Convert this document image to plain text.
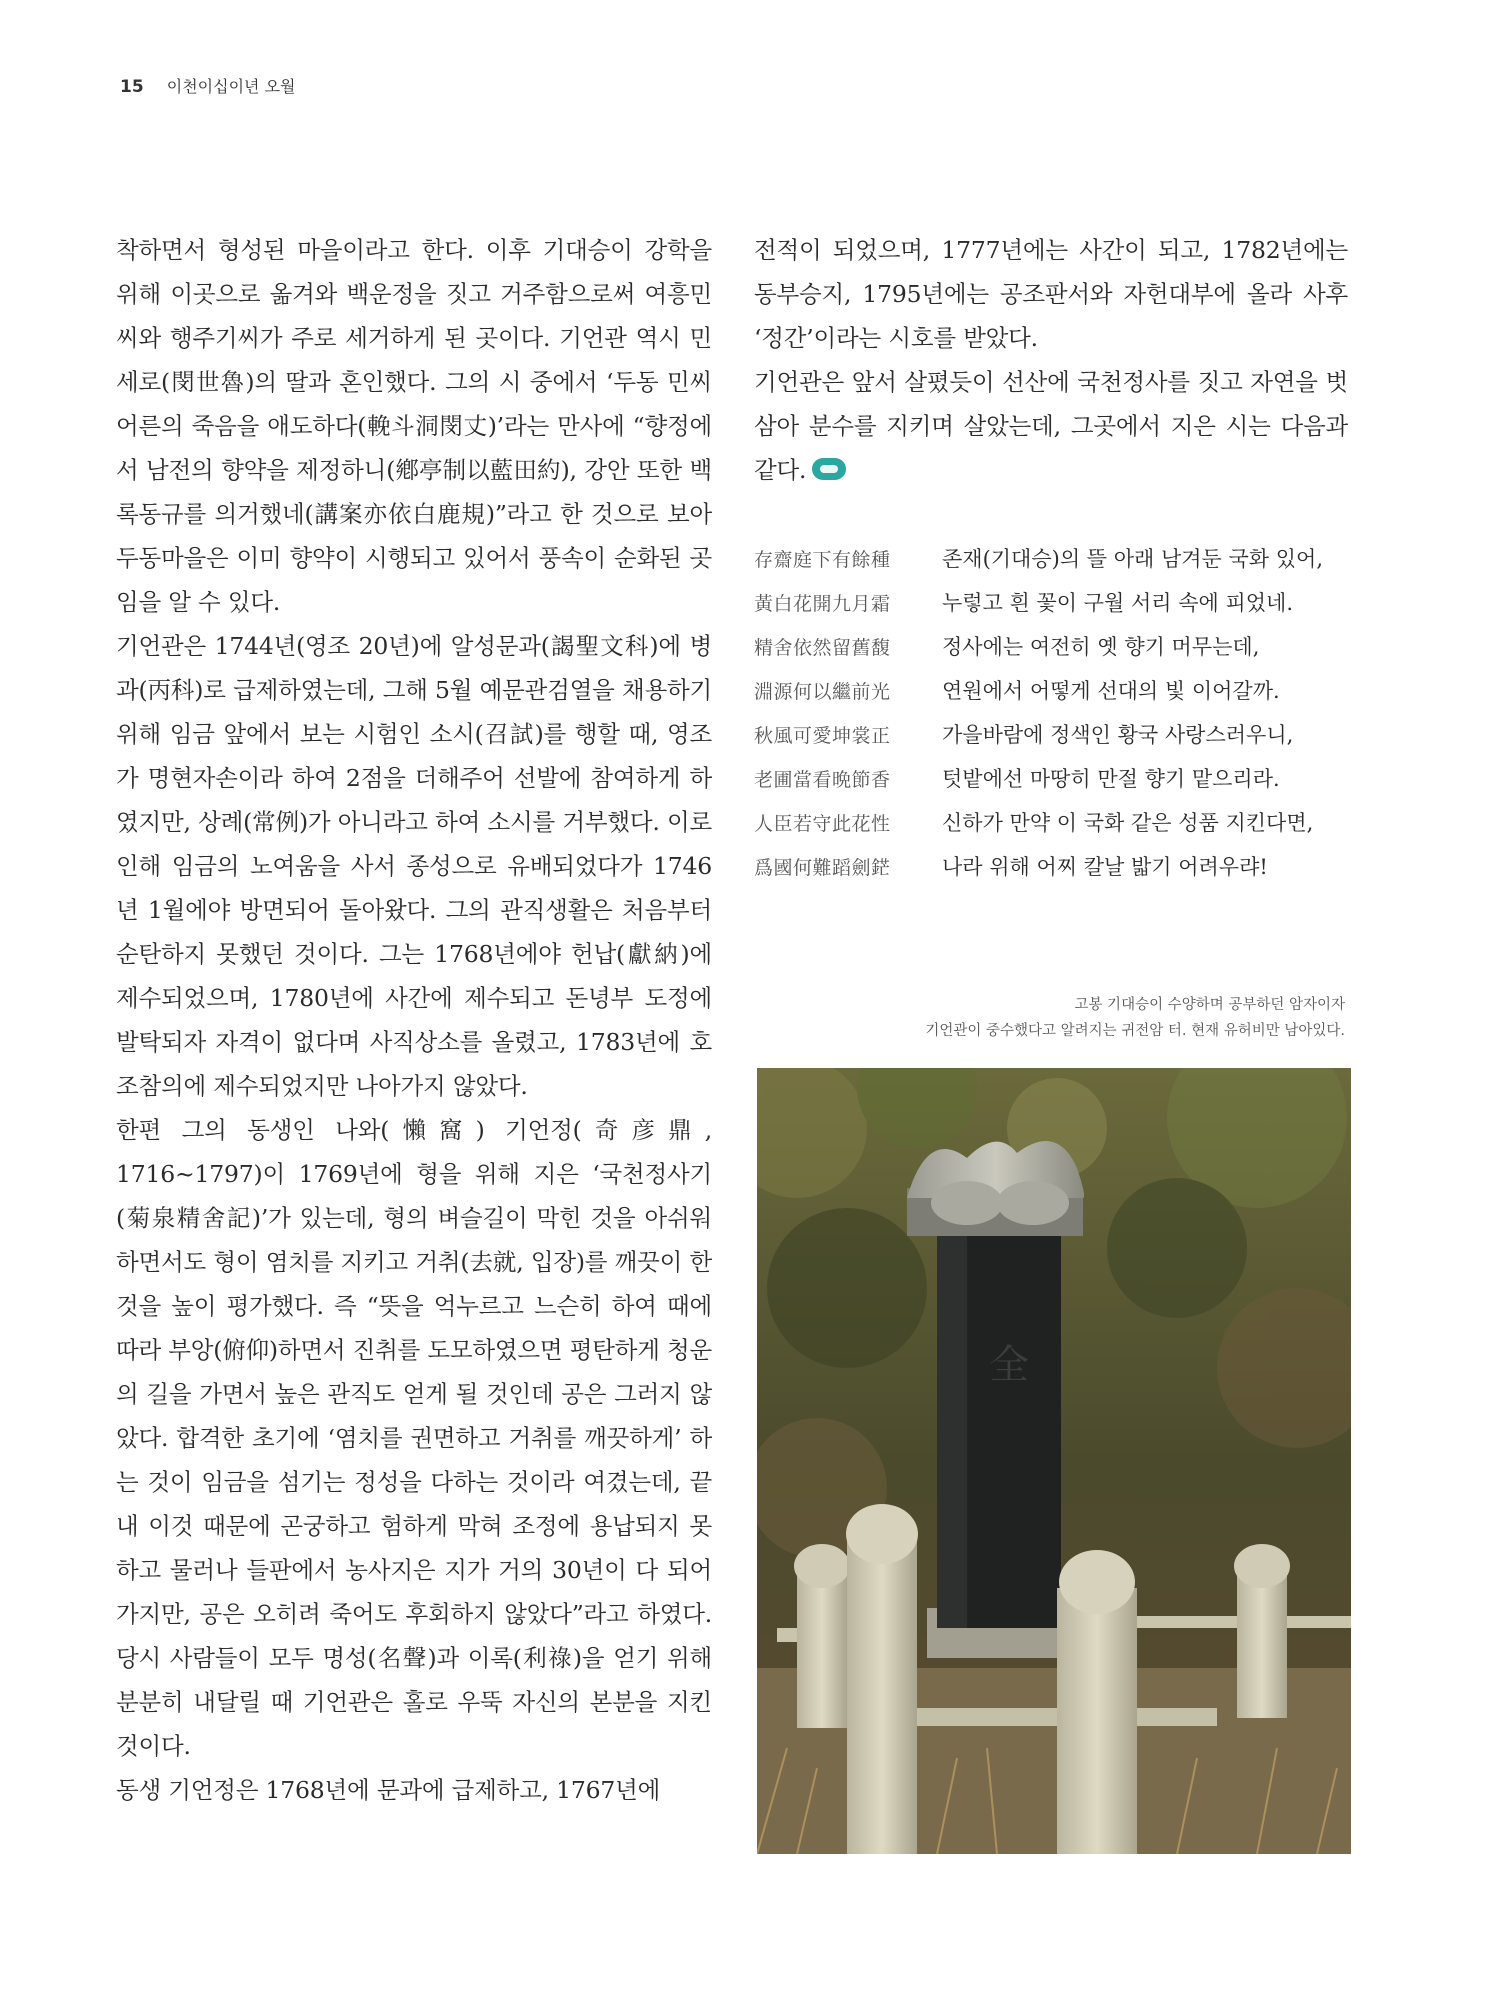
15 이천이십이년 오월

착하면서 형성된 마을이라고 한다. 이후 기대승이 강학을 위해 이곳으로 옮겨와 백운정을 짓고 거주함으로써 여흥민씨와 행주기씨가 주로 세거하게 된 곳이다. 기언관 역시 민세로(閔世魯)의 딸과 혼인했다. 그의 시 중에서 ‘두동 민씨어른의 죽음을 애도하다(輓斗洞閔丈)’라는 만사에 “향정에서 남전의 향약을 제정하니(鄕亭制以藍田約), 강안 또한 백록동규를 의거했네(講案亦依白鹿規)”라고 한 것으로 보아 두동마을은 이미 향약이 시행되고 있어서 풍속이 순화된 곳임을 알 수 있다.

기언관은 1744년(영조 20년)에 알성문과(謁聖文科)에 병과(丙科)로 급제하였는데, 그해 5월 예문관검열을 채용하기 위해 임금 앞에서 보는 시험인 소시(召試)를 행할 때, 영조가 명현자손이라 하여 2점을 더해주어 선발에 참여하게 하였지만, 상례(常例)가 아니라고 하여 소시를 거부했다. 이로 인해 임금의 노여움을 사서 종성으로 유배되었다가 1746년 1월에야 방면되어 돌아왔다. 그의 관직생활은 처음부터 순탄하지 못했던 것이다. 그는 1768년에야 헌납(獻納)에 제수되었으며, 1780년에 사간에 제수되고 돈녕부 도정에 발탁되자 자격이 없다며 사직상소를 올렸고, 1783년에 호조참의에 제수되었지만 나아가지 않았다.

한편 그의 동생인 나와(懶窩) 기언정(奇彦鼎, 1716~1797)이 1769년에 형을 위해 지은 ‘국천정사기(菊泉精舍記)’가 있는데, 형의 벼슬길이 막힌 것을 아쉬워하면서도 형이 염치를 지키고 거취(去就, 입장)를 깨끗이 한 것을 높이 평가했다. 즉 “뜻을 억누르고 느슨히 하여 때에 따라 부앙(俯仰)하면서 진취를 도모하였으면 평탄하게 청운의 길을 가면서 높은 관직도 얻게 될 것인데 공은 그러지 않았다. 합격한 초기에 ‘염치를 권면하고 거취를 깨끗하게’ 하는 것이 임금을 섬기는 정성을 다하는 것이라 여겼는데, 끝내 이것 때문에 곤궁하고 험하게 막혀 조정에 용납되지 못하고 물러나 들판에서 농사지은 지가 거의 30년이 다 되어 가지만, 공은 오히려 죽어도 후회하지 않았다”라고 하였다. 당시 사람들이 모두 명성(名聲)과 이록(利祿)을 얻기 위해 분분히 내달릴 때 기언관은 홀로 우뚝 자신의 본분을 지킨 것이다.

동생 기언정은 1768년에 문과에 급제하고, 1767년에

전적이 되었으며, 1777년에는 사간이 되고, 1782년에는 동부승지, 1795년에는 공조판서와 자헌대부에 올라 사후 ‘정간’이라는 시호를 받았다.

기언관은 앞서 살폈듯이 선산에 국천정사를 짓고 자연을 벗 삼아 분수를 지키며 살았는데, 그곳에서 지은 시는 다음과 같다.

存齋庭下有餘種	존재(기대승)의 뜰 아래 남겨둔 국화 있어,
黃白花開九月霜	누렇고 흰 꽃이 구월 서리 속에 피었네.
精舍依然留舊馥	정사에는 여전히 옛 향기 머무는데,
淵源何以繼前光	연원에서 어떻게 선대의 빛 이어갈까.
秋風可愛坤裳正	가을바람에 정색인 황국 사랑스러우니,
老圃當看晩節香	텃밭에선 마땅히 만절 향기 맡으리라.
人臣若守此花性	신하가 만약 이 국화 같은 성품 지킨다면,
爲國何難蹈劍鋩	나라 위해 어찌 칼날 밟기 어려우랴!
고봉 기대승이 수양하며 공부하던 암자이자
기언관이 중수했다고 알려지는 귀전암 터. 현재 유허비만 남아있다.
全
